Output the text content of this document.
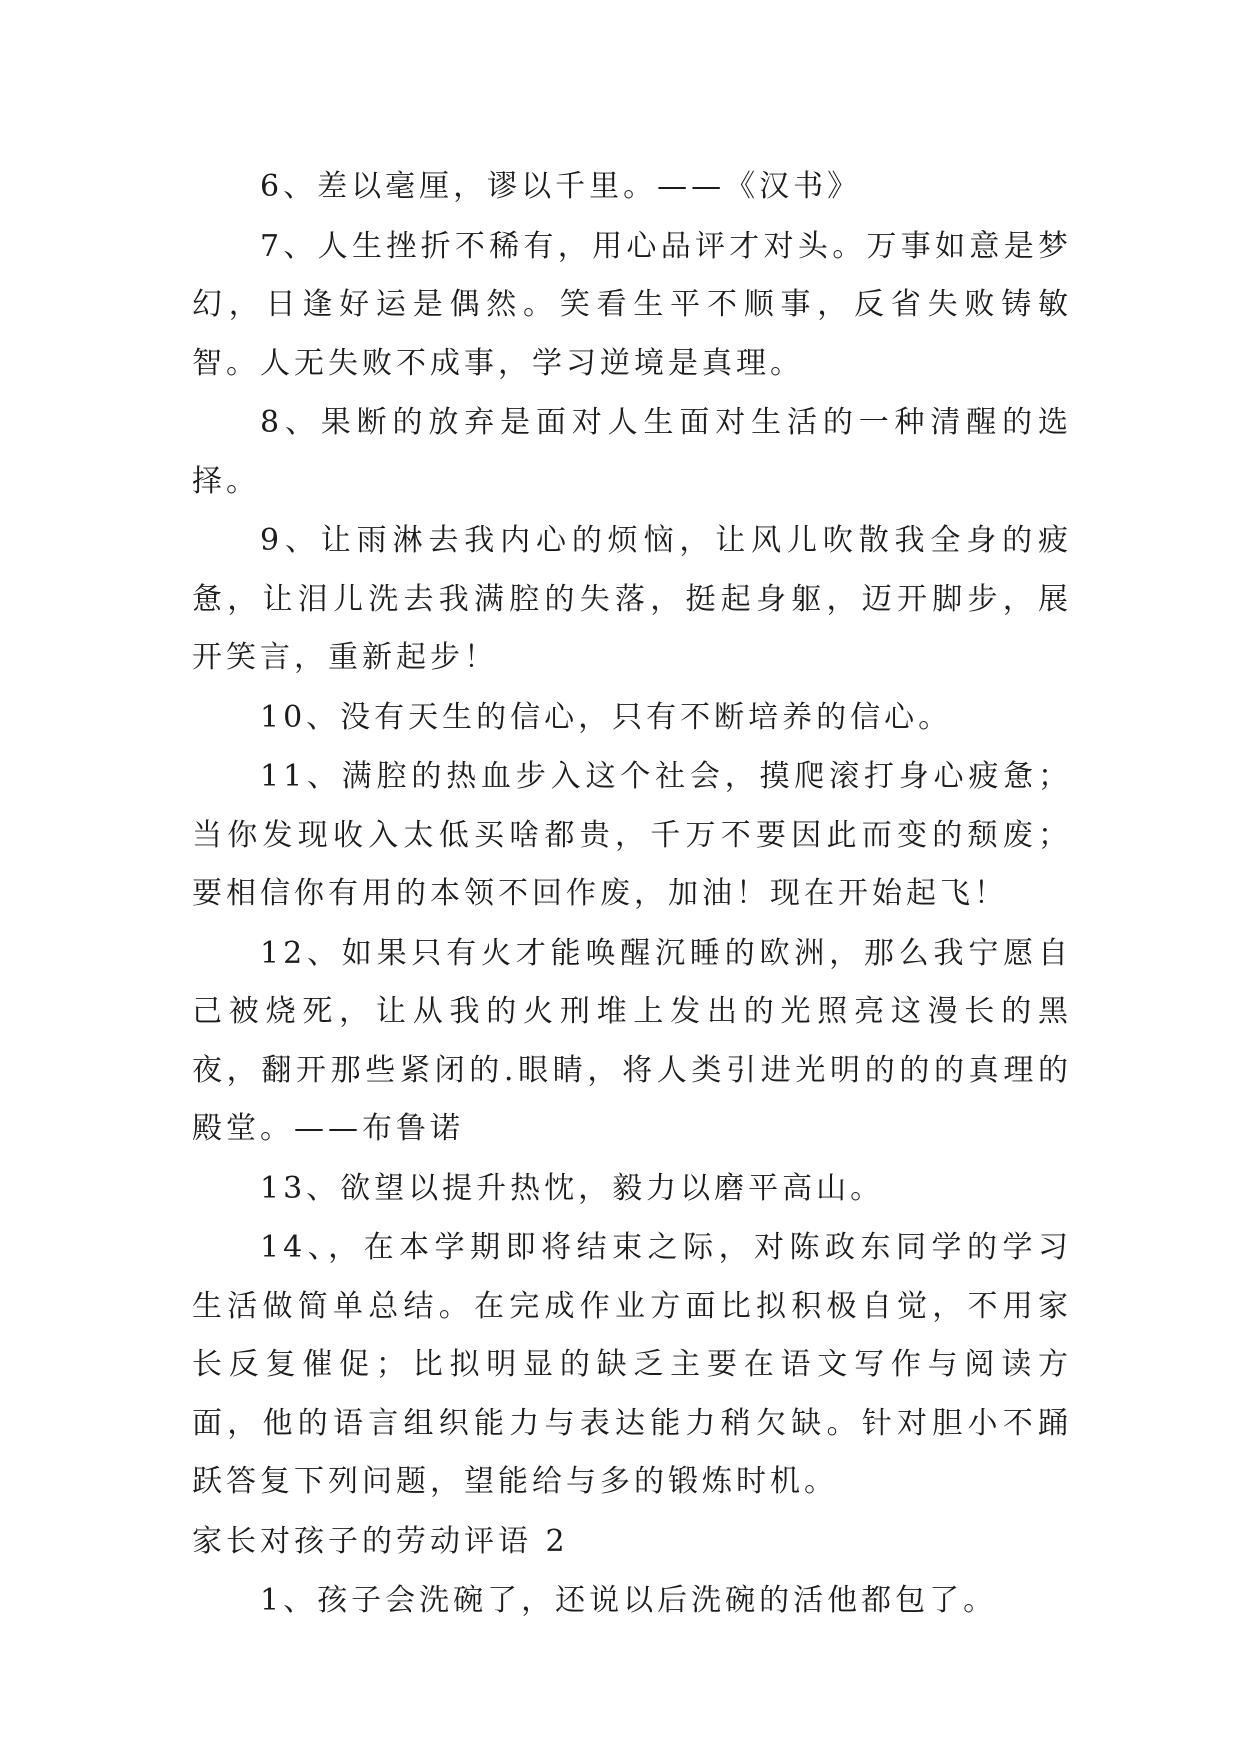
6、差以毫厘，谬以千里。——《汉书》

7、人生挫折不稀有，用心品评才对头。万事如意是梦幻，日逢好运是偶然。笑看生平不顺事，反省失败铸敏智。人无失败不成事，学习逆境是真理。

8、果断的放弃是面对人生面对生活的一种清醒的选择。

9、让雨淋去我内心的烦恼，让风儿吹散我全身的疲惫，让泪儿洗去我满腔的失落，挺起身躯，迈开脚步，展开笑言，重新起步！

10、没有天生的信心，只有不断培养的信心。

11、满腔的热血步入这个社会，摸爬滚打身心疲惫；当你发现收入太低买啥都贵，千万不要因此而变的颓废；要相信你有用的本领不回作废，加油！现在开始起飞！

12、如果只有火才能唤醒沉睡的欧洲，那么我宁愿自己被烧死，让从我的火刑堆上发出的光照亮这漫长的黑夜，翻开那些紧闭的.眼睛，将人类引进光明的的的真理的殿堂。——布鲁诺

13、欲望以提升热忱，毅力以磨平高山。

14、，在本学期即将结束之际，对陈政东同学的学习生活做简单总结。在完成作业方面比拟积极自觉，不用家长反复催促；比拟明显的缺乏主要在语文写作与阅读方面，他的语言组织能力与表达能力稍欠缺。针对胆小不踊跃答复下列问题，望能给与多的锻炼时机。

家长对孩子的劳动评语 2

1、孩子会洗碗了，还说以后洗碗的活他都包了。
